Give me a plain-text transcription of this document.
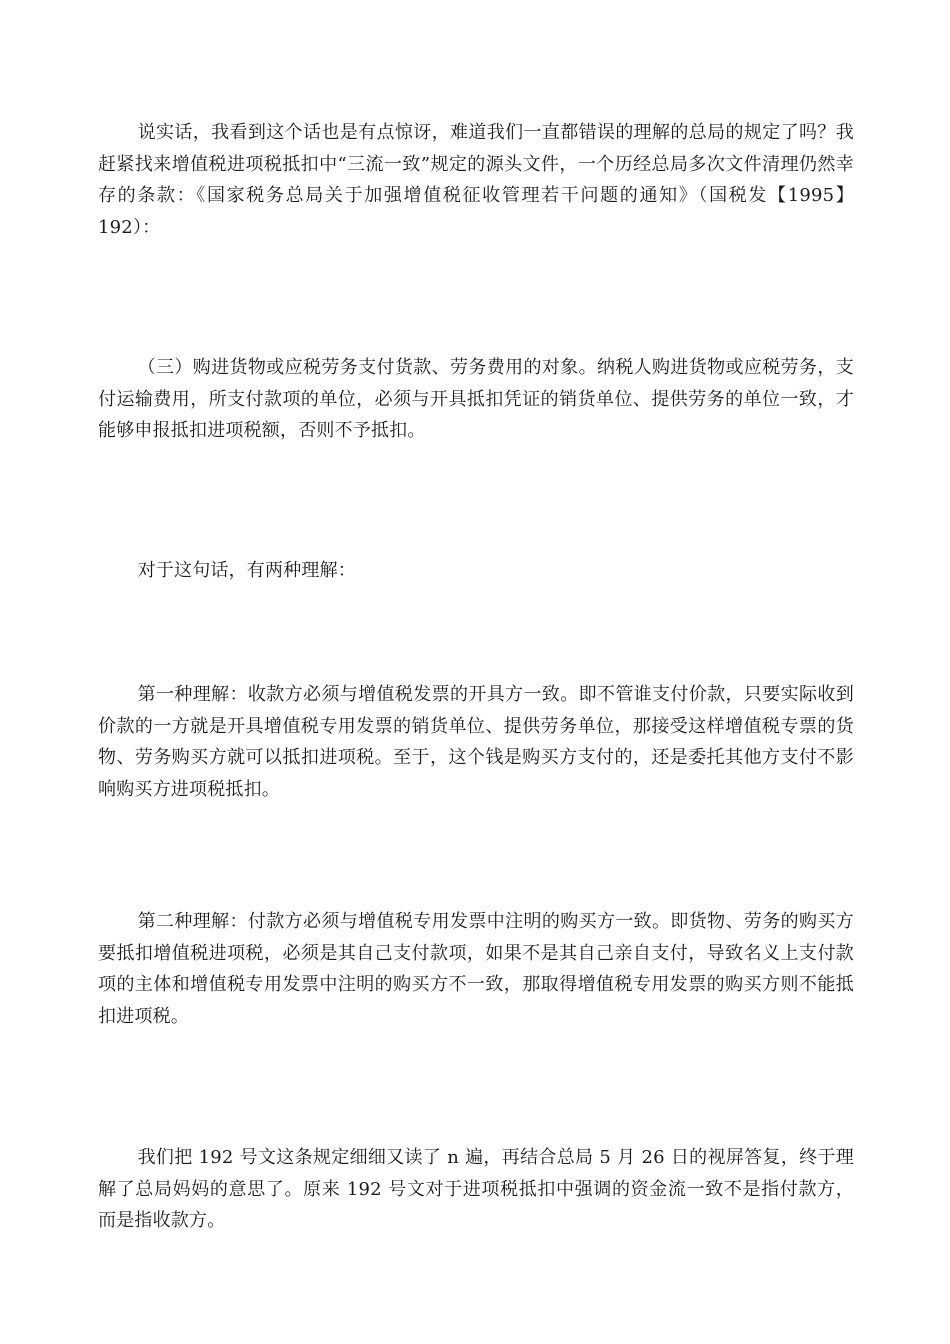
说实话，我看到这个话也是有点惊讶，难道我们一直都错误的理解的总局的规定了吗？我赶紧找来增值税进项税抵扣中“三流一致”规定的源头文件，一个历经总局多次文件清理仍然幸存的条款：《国家税务总局关于加强增值税征收管理若干问题的通知》（国税发【1995】192）：

（三）购进货物或应税劳务支付货款、劳务费用的对象。纳税人购进货物或应税劳务，支付运输费用，所支付款项的单位，必须与开具抵扣凭证的销货单位、提供劳务的单位一致，才能够申报抵扣进项税额，否则不予抵扣。

对于这句话，有两种理解：

第一种理解：收款方必须与增值税发票的开具方一致。即不管谁支付价款，只要实际收到价款的一方就是开具增值税专用发票的销货单位、提供劳务单位，那接受这样增值税专票的货物、劳务购买方就可以抵扣进项税。至于，这个钱是购买方支付的，还是委托其他方支付不影响购买方进项税抵扣。

第二种理解：付款方必须与增值税专用发票中注明的购买方一致。即货物、劳务的购买方要抵扣增值税进项税，必须是其自己支付款项，如果不是其自己亲自支付，导致名义上支付款项的主体和增值税专用发票中注明的购买方不一致，那取得增值税专用发票的购买方则不能抵扣进项税。

我们把 192 号文这条规定细细又读了 n 遍，再结合总局 5 月 26 日的视屏答复，终于理解了总局妈妈的意思了。原来 192 号文对于进项税抵扣中强调的资金流一致不是指付款方，而是指收款方。
